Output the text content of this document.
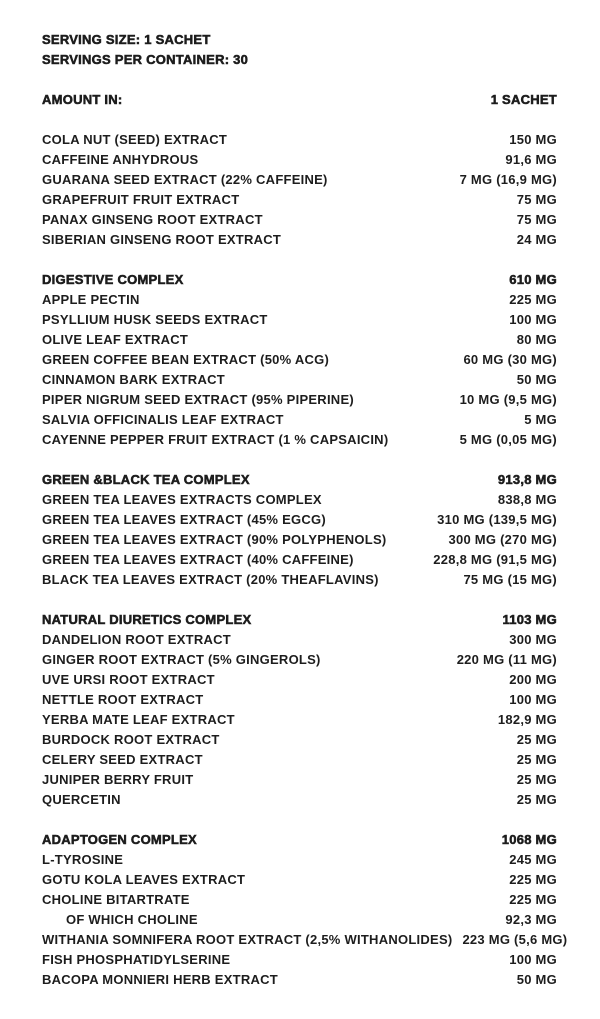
SERVING SIZE: 1 SACHET
SERVINGS PER CONTAINER: 30
AMOUNT IN:	1 SACHET
COLA NUT (SEED) EXTRACT	150 MG
CAFFEINE ANHYDROUS	91,6 MG
GUARANA SEED EXTRACT (22% CAFFEINE)	7 MG (16,9 MG)
GRAPEFRUIT FRUIT EXTRACT	75 MG
PANAX GINSENG ROOT EXTRACT	75 MG
SIBERIAN GINSENG ROOT EXTRACT	24 MG
DIGESTIVE COMPLEX	610 MG
APPLE PECTIN	225 MG
PSYLLIUM HUSK SEEDS EXTRACT	100 MG
OLIVE LEAF EXTRACT	80 MG
GREEN COFFEE BEAN EXTRACT (50% ACG)	60 MG (30 MG)
CINNAMON BARK EXTRACT	50 MG
PIPER NIGRUM SEED EXTRACT (95% PIPERINE)	10 MG (9,5 MG)
SALVIA OFFICINALIS LEAF EXTRACT	5 MG
CAYENNE PEPPER FRUIT EXTRACT (1 % CAPSAICIN)	5 MG (0,05 MG)
GREEN &BLACK TEA COMPLEX	913,8 MG
GREEN TEA LEAVES EXTRACTS COMPLEX	838,8 MG
GREEN TEA LEAVES EXTRACT (45% EGCG)	310 MG (139,5 MG)
GREEN TEA LEAVES EXTRACT (90% POLYPHENOLS)	300 MG (270 MG)
GREEN TEA LEAVES EXTRACT (40% CAFFEINE)	228,8 MG (91,5 MG)
BLACK TEA LEAVES EXTRACT (20% THEAFLAVINS)	75 MG (15 MG)
NATURAL DIURETICS COMPLEX	1103 MG
DANDELION ROOT EXTRACT	300 MG
GINGER ROOT EXTRACT (5% GINGEROLS)	220 MG (11 MG)
UVE URSI ROOT EXTRACT	200 MG
NETTLE ROOT EXTRACT	100 MG
YERBA MATE LEAF EXTRACT	182,9 MG
BURDOCK ROOT EXTRACT	25 MG
CELERY SEED EXTRACT	25 MG
JUNIPER BERRY FRUIT	25 MG
QUERCETIN	25 MG
ADAPTOGEN COMPLEX	1068 MG
L-TYROSINE	245 MG
GOTU KOLA LEAVES EXTRACT	225 MG
CHOLINE BITARTRATE	225 MG
OF WHICH CHOLINE	92,3 MG
WITHANIA SOMNIFERA ROOT EXTRACT (2,5% WITHANOLIDES) 223 MG (5,6 MG)
FISH PHOSPHATIDYLSERINE	100 MG
BACOPA MONNIERI HERB EXTRACT	50 MG
